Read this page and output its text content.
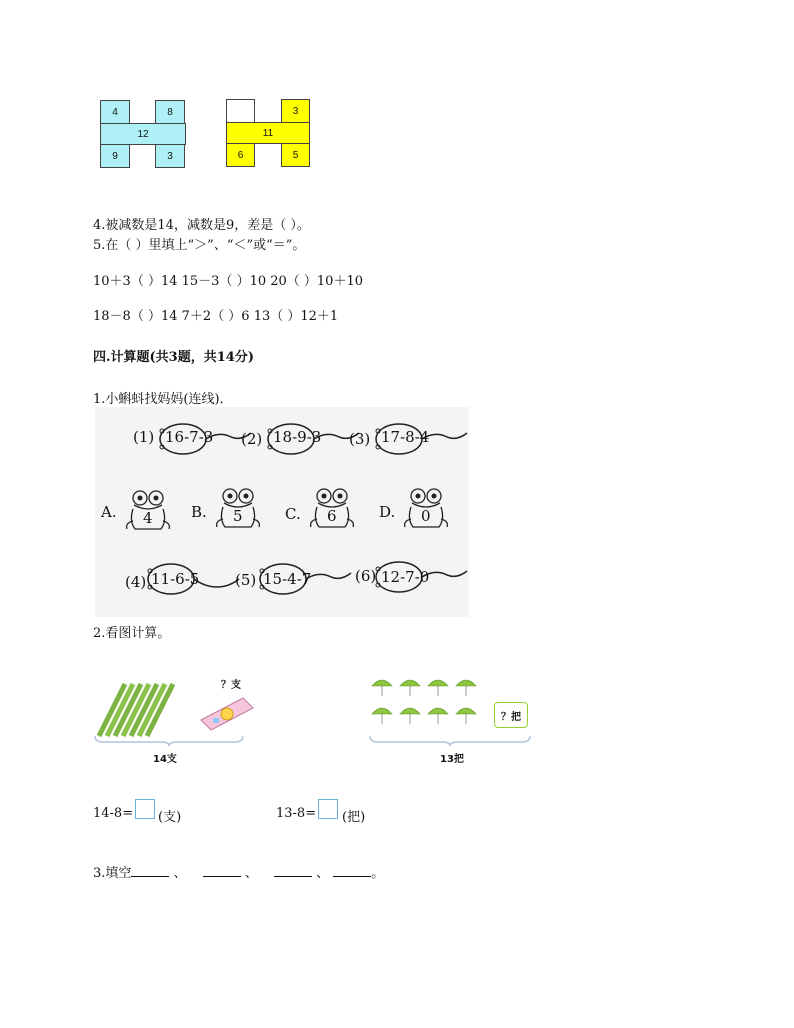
4	8
12
9	3
3
11
6	5
4.被减数是14，减数是9，差是（ ）。
5.在（ ）里填上“＞”、“＜”或“＝”。
10＋3（ ）14 15－3（ ）10 20（ ）10＋10
18－8（ ）14 7＋2（ ）6 13（ ）12＋1
四.计算题(共3题，共14分)
1.小蝌蚪找妈妈(连线)．
(1) 16-7-3 (2) 18-9-3 (3) 17-8-4
A. 4	B. 5	C. 6	D. 0
(4) 11-6-5 (5) 15-4-7	(6) 12-7-0
2.看图计算。
？支
14支
？把
13把
14-8= (支)	13-8= (把)
3.填空	、	、	、	。
